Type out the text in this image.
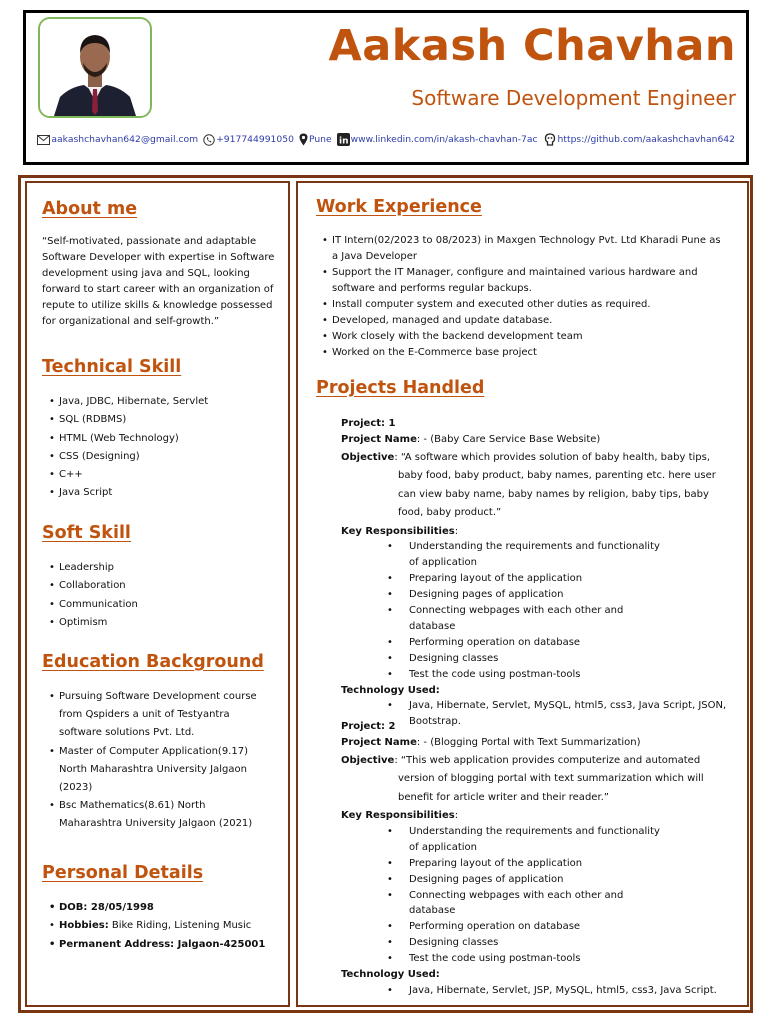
Aakash Chavhan
Software Development Engineer
aakashchavhan642@gmail.com +917744991050 Pune in www.linkedin.com/in/akash-chavhan-7ac https://github.com/aakashchavhan642
About me
“Self-motivated, passionate and adaptable Software Developer with expertise in Software development using java and SQL, looking forward to start career with an organization of repute to utilize skills & knowledge possessed for organizational and self-growth.”
Technical Skill
• Java, JDBC, Hibernate, Servlet
• SQL (RDBMS)
• HTML (Web Technology)
• CSS (Designing)
• C++
• Java Script
Soft Skill
• Leadership
• Collaboration
• Communication
• Optimism
Education Background
• Pursuing Software Development course from Qspiders a unit of Testyantra software solutions Pvt. Ltd.
• Master of Computer Application(9.17) North Maharashtra University Jalgaon (2023)
• Bsc Mathematics(8.61) North Maharashtra University Jalgaon (2021)
Personal Details
• DOB: 28/05/1998
• Hobbies: Bike Riding, Listening Music
• Permanent Address: Jalgaon-425001
Work Experience
• IT Intern(02/2023 to 08/2023) in Maxgen Technology Pvt. Ltd Kharadi Pune as a Java Developer
• Support the IT Manager, configure and maintained various hardware and software and performs regular backups.
• Install computer system and executed other duties as required.
• Developed, managed and update database.
• Work closely with the backend development team
• Worked on the E-Commerce base project
Projects Handled
Project: 1
Project Name: - (Baby Care Service Base Website)
Objective: “A software which provides solution of baby health, baby tips, baby food, baby product, baby names, parenting etc. here user can view baby name, baby names by religion, baby tips, baby food, baby product.”
Key Responsibilities:
• Understanding the requirements and functionality of application
• Preparing layout of the application
• Designing pages of application
• Connecting webpages with each other and database
• Performing operation on database
• Designing classes
• Test the code using postman-tools
Technology Used:
• Java, Hibernate, Servlet, MySQL, html5, css3, Java Script, JSON, Bootstrap.
Project: 2
Project Name: - (Blogging Portal with Text Summarization)
Objective: “This web application provides computerize and automated version of blogging portal with text summarization which will benefit for article writer and their reader.”
Key Responsibilities:
• Understanding the requirements and functionality of application
• Preparing layout of the application
• Designing pages of application
• Connecting webpages with each other and database
• Performing operation on database
• Designing classes
• Test the code using postman-tools
Technology Used:
• Java, Hibernate, Servlet, JSP, MySQL, html5, css3, Java Script.
